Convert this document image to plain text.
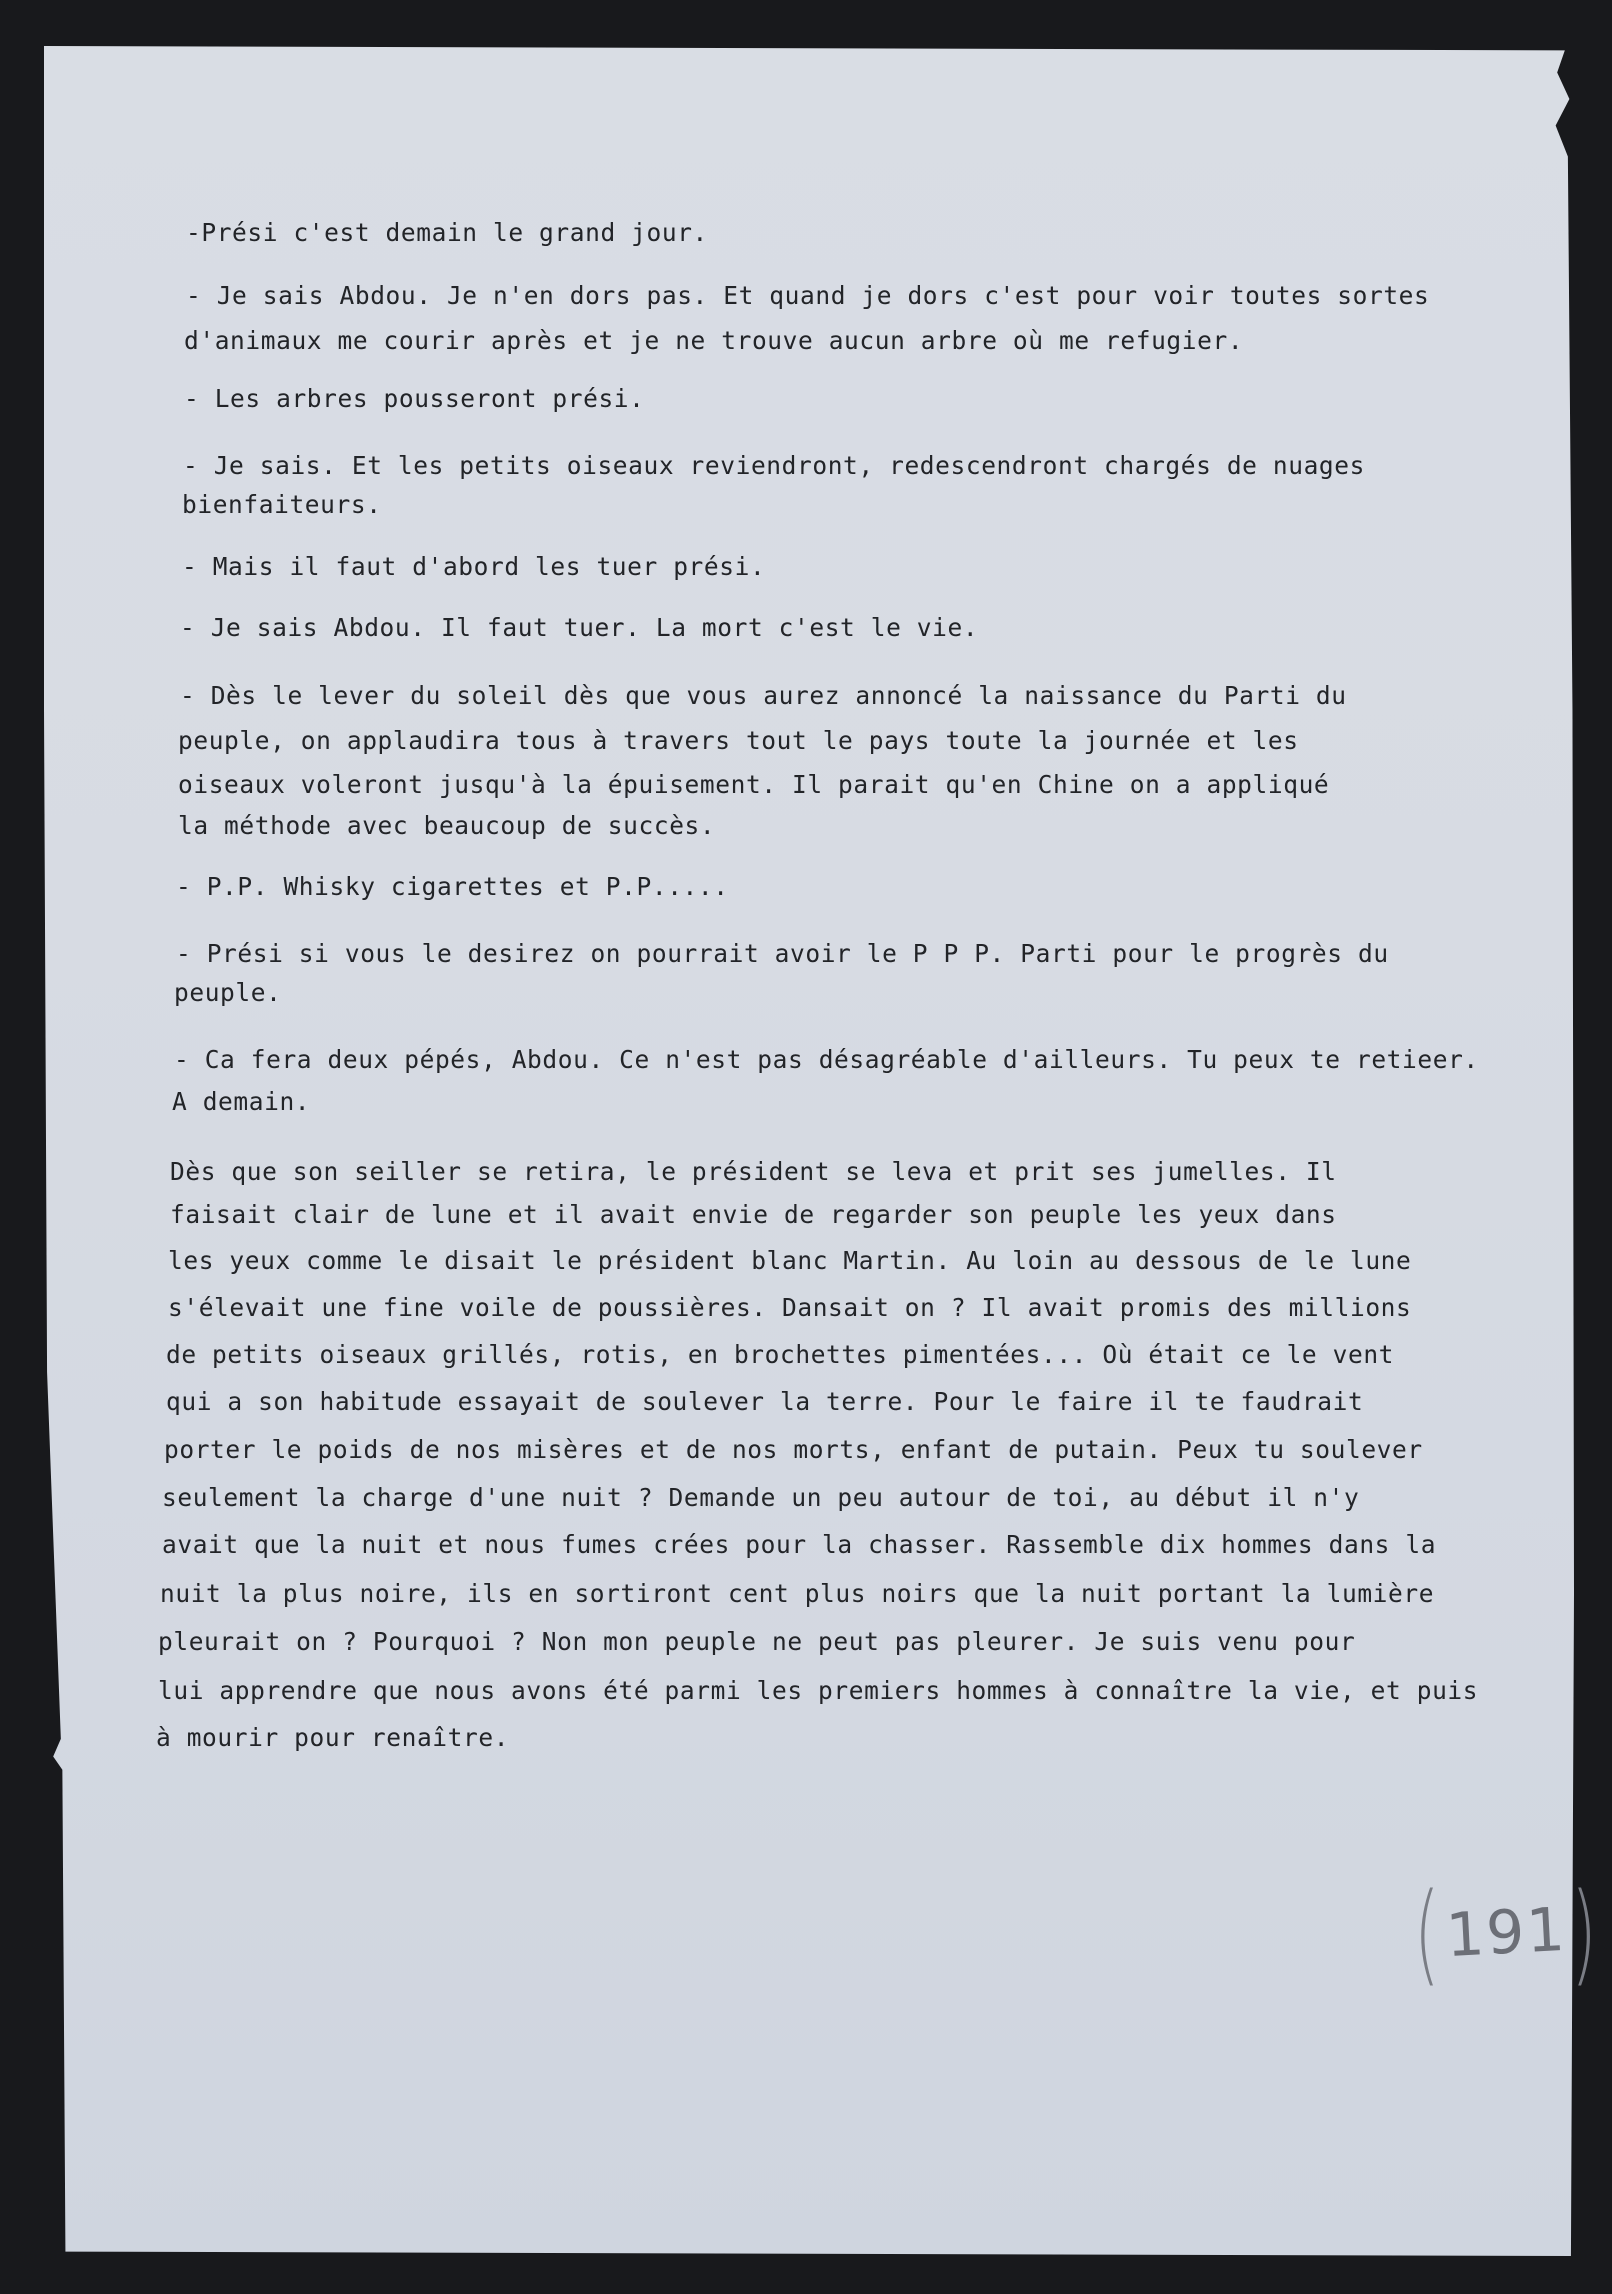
-Prési c'est demain le grand jour.

- Je sais Abdou. Je n'en dors pas. Et quand je dors c'est pour voir toutes sortes

d'animaux me courir après et je ne trouve aucun arbre où me refugier.

- Les arbres pousseront prési.

- Je sais. Et les petits oiseaux reviendront, redescendront chargés de nuages

bienfaiteurs.

- Mais il faut d'abord les tuer prési.

- Je sais Abdou. Il faut tuer. La mort c'est le vie.

- Dès le lever du soleil dès que vous aurez annoncé la naissance du Parti du

peuple, on applaudira tous à travers tout le pays toute la journée et les

oiseaux voleront jusqu'à la épuisement. Il parait qu'en Chine on a appliqué

la méthode avec beaucoup de succès.

- P.P. Whisky cigarettes et P.P.....

- Prési si vous le desirez on pourrait avoir le P P P. Parti pour le progrès du

peuple.

- Ca fera deux pépés, Abdou. Ce n'est pas désagréable d'ailleurs. Tu peux te retieer.

A demain.

Dès que son seiller se retira, le président se leva et prit ses jumelles. Il

faisait clair de lune et il avait envie de regarder son peuple les yeux dans

les yeux comme le disait le président blanc Martin. Au loin au dessous de le lune

s'élevait une fine voile de poussières. Dansait on ? Il avait promis des millions

de petits oiseaux grillés, rotis, en brochettes pimentées... Où était ce le vent

qui a son habitude essayait de soulever la terre. Pour le faire il te faudrait

porter le poids de nos misères et de nos morts, enfant de putain. Peux tu soulever

seulement la charge d'une nuit ? Demande un peu autour de toi, au début il n'y

avait que la nuit et nous fumes crées pour la chasser. Rassemble dix hommes dans la

nuit la plus noire, ils en sortiront cent plus noirs que la nuit portant la lumière

pleurait on ? Pourquoi ? Non mon peuple ne peut pas pleurer. Je suis venu pour

lui apprendre que nous avons été parmi les premiers hommes à connaître la vie, et puis

à mourir pour renaître.

( 191 )
